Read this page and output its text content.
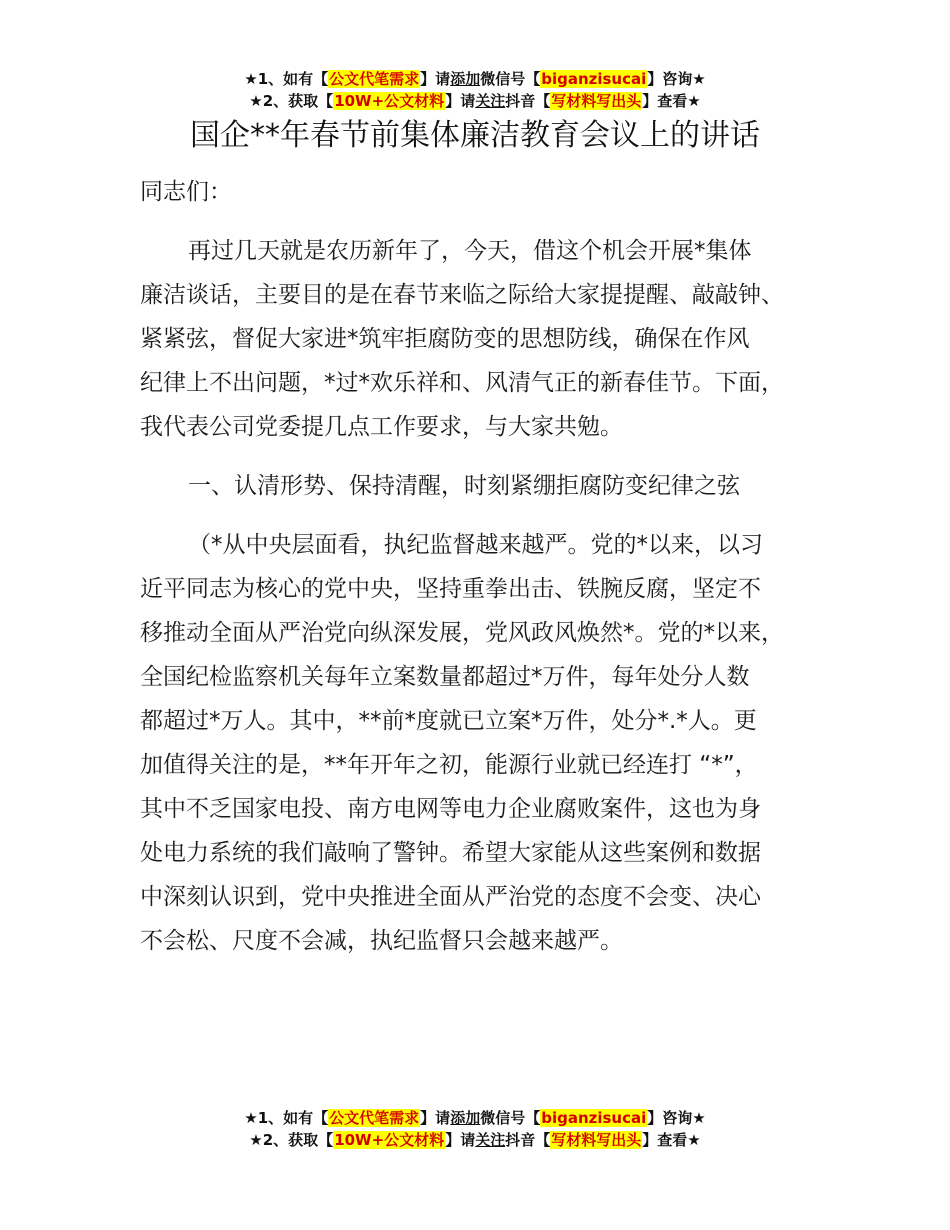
★1、如有【公文代笔需求】请添加微信号【biganzisucai】咨询★
★2、获取【10W+公文材料】请关注抖音【写材料写出头】查看★
国企**年春节前集体廉洁教育会议上的讲话

同志们：

再过几天就是农历新年了，今天，借这个机会开展*集体

廉洁谈话，主要目的是在春节来临之际给大家提提醒、敲敲钟、

紧紧弦，督促大家进*筑牢拒腐防变的思想防线，确保在作风

纪律上不出问题，*过*欢乐祥和、风清气正的新春佳节。下面，

我代表公司党委提几点工作要求，与大家共勉。

一、认清形势、保持清醒，时刻紧绷拒腐防变纪律之弦

（*从中央层面看，执纪监督越来越严。党的*以来，以习

近平同志为核心的党中央，坚持重拳出击、铁腕反腐，坚定不

移推动全面从严治党向纵深发展，党风政风焕然*。党的*以来，

全国纪检监察机关每年立案数量都超过*万件，每年处分人数

都超过*万人。其中，**前*度就已立案*万件，处分*.*人。更

加值得关注的是，**年开年之初，能源行业就已经连打 “*”，

其中不乏国家电投、南方电网等电力企业腐败案件，这也为身

处电力系统的我们敲响了警钟。希望大家能从这些案例和数据

中深刻认识到，党中央推进全面从严治党的态度不会变、决心

不会松、尺度不会减，执纪监督只会越来越严。

★1、如有【公文代笔需求】请添加微信号【biganzisucai】咨询★
★2、获取【10W+公文材料】请关注抖音【写材料写出头】查看★
